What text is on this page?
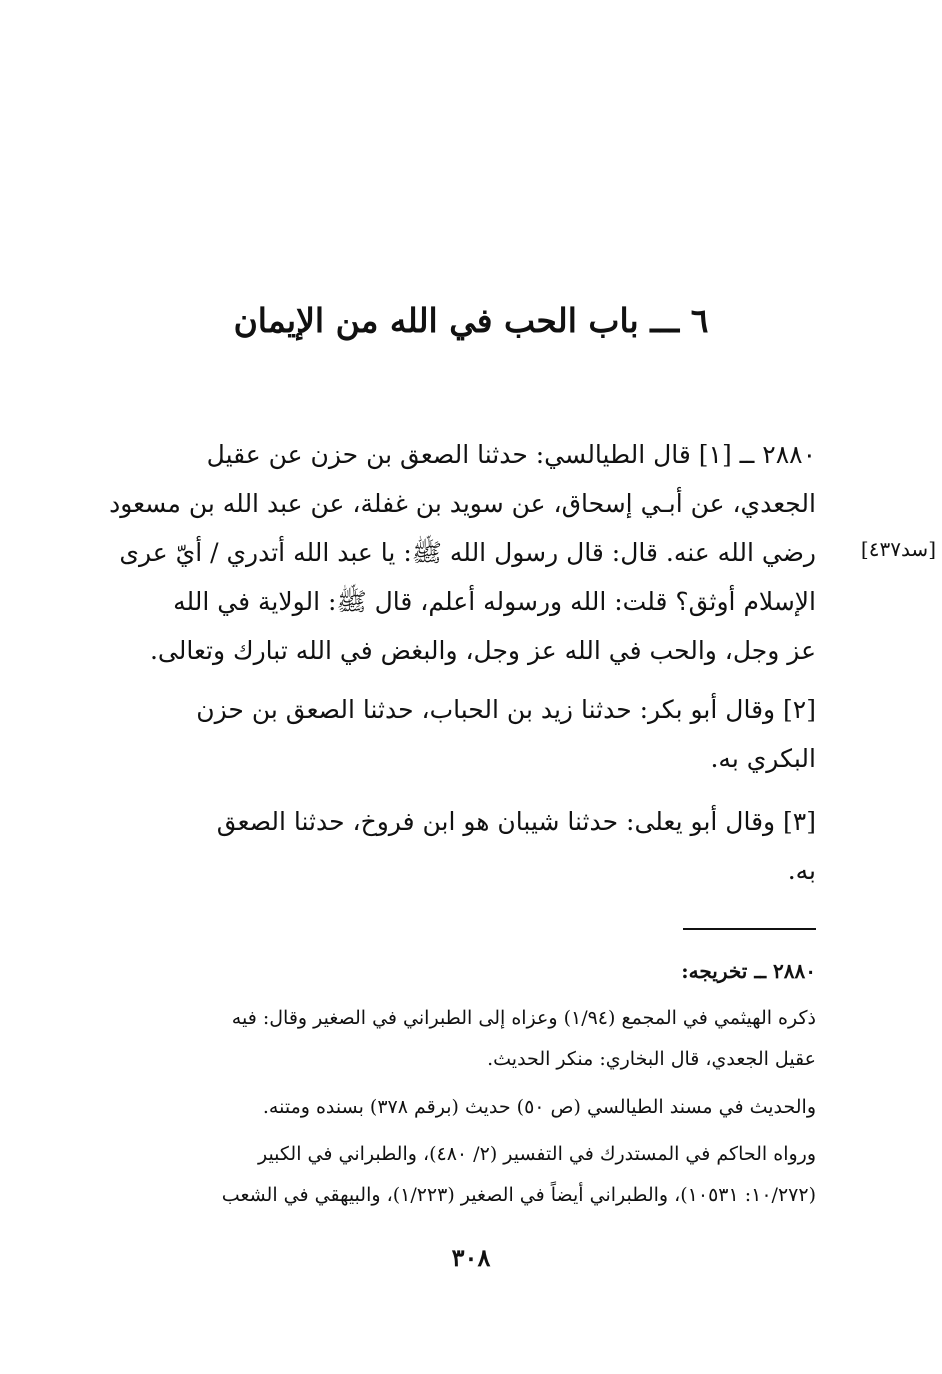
٦ ـــ باب الحب في الله من الإيمان
٢٨٨٠ ــ [١] قال الطيالسي: حدثنا الصعق بن حزن عن عقيل
الجعدي، عن أبـي إسحاق، عن سويد بن غفلة، عن عبد الله بن مسعود
رضي الله عنه. قال: قال رسول الله ﷺ: يا عبد الله أتدري / أيّ عرى
الإسلام أوثق؟ قلت: الله ورسوله أعلم، قال ﷺ: الولاية في الله
عز وجل، والحب في الله عز وجل، والبغض في الله تبارك وتعالى.
[سد٤٣٧]
[٢] وقال أبو بكر: حدثنا زيد بن الحباب، حدثنا الصعق بن حزن
البكري به.
[٣] وقال أبو يعلى: حدثنا شيبان هو ابن فروخ، حدثنا الصعق
به.
٢٨٨٠ ــ تخريجه:
ذكره الهيثمي في المجمع (١/٩٤) وعزاه إلى الطبراني في الصغير وقال: فيه
عقيل الجعدي، قال البخاري: منكر الحديث.
والحديث في مسند الطيالسي (ص ٥٠) حديث (برقم ٣٧٨) بسنده ومتنه.
ورواه الحاكم في المستدرك في التفسير (٢/ ٤٨٠)، والطبراني في الكبير
(١٠/٢٧٢: ١٠٥٣١)، والطبراني أيضاً في الصغير (١/٢٢٣)، والبيهقي في الشعب
٣٠٨
